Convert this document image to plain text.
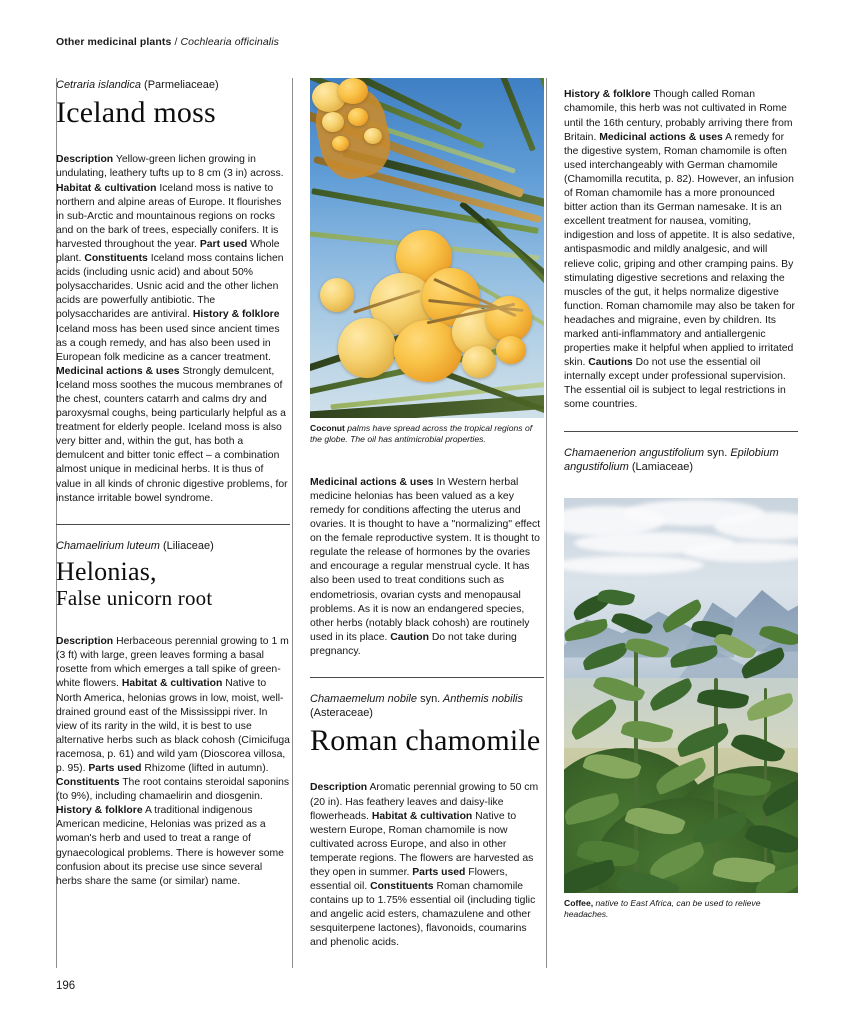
Other medicinal plants / Cochlearia officinalis
Cetraria islandica (Parmeliaceae)
Iceland moss

Description Yellow-green lichen growing in undulating, leathery tufts up to 8 cm (3 in) across. Habitat & cultivation Iceland moss is native to northern and alpine areas of Europe. It flourishes in sub-Arctic and mountainous regions on rocks and on the bark of trees, especially conifers. It is harvested throughout the year. Part used Whole plant. Constituents Iceland moss contains lichen acids (including usnic acid) and about 50% polysaccharides. Usnic acid and the other lichen acids are powerfully antibiotic. The polysaccharides are antiviral. History & folklore Iceland moss has been used since ancient times as a cough remedy, and has also been used in European folk medicine as a cancer treatment. Medicinal actions & uses Strongly demulcent, Iceland moss soothes the mucous membranes of the chest, counters catarrh and calms dry and paroxysmal coughs, being particularly helpful as a treatment for elderly people. Iceland moss is also very bitter and, within the gut, has both a demulcent and bitter tonic effect – a combination almost unique in medicinal herbs. It is thus of value in all kinds of chronic digestive problems, for instance irritable bowel syndrome.

Chamaelirium luteum (Liliaceae)
Helonias,
False unicorn root

Description Herbaceous perennial growing to 1 m (3 ft) with large, green leaves forming a basal rosette from which emerges a tall spike of green-white flowers. Habitat & cultivation Native to North America, helonias grows in low, moist, well-drained ground east of the Mississippi river. In view of its rarity in the wild, it is best to use alternative herbs such as black cohosh (Cimicifuga racemosa, p. 61) and wild yam (Dioscorea villosa, p. 95). Parts used Rhizome (lifted in autumn). Constituents The root contains steroidal saponins (to 9%), including chamaelirin and diosgenin. History & folklore A traditional indigenous American medicine, Helonias was prized as a woman's herb and used to treat a range of gynaecological problems. There is however some confusion about its precise use since several herbs share the same (or similar) name.

Coconut palms have spread across the tropical regions of the globe. The oil has antimicrobial properties.

Medicinal actions & uses In Western herbal medicine helonias has been valued as a key remedy for conditions affecting the uterus and ovaries. It is thought to have a "normalizing" effect on the female reproductive system. It is thought to regulate the release of hormones by the ovaries and encourage a regular menstrual cycle. It has also been used to treat conditions such as endometriosis, ovarian cysts and menopausal problems. As it is now an endangered species, other herbs (notably black cohosh) are routinely used in its place. Caution Do not take during pregnancy.

Chamaemelum nobile syn. Anthemis nobilis (Asteraceae)
Roman chamomile

Description Aromatic perennial growing to 50 cm (20 in). Has feathery leaves and daisy-like flowerheads. Habitat & cultivation Native to western Europe, Roman chamomile is now cultivated across Europe, and also in other temperate regions. The flowers are harvested as they open in summer. Parts used Flowers, essential oil. Constituents Roman chamomile contains up to 1.75% essential oil (including tiglic and angelic acid esters, chamazulene and other sesquiterpene lactones), flavonoids, coumarins and phenolic acids.

History & folklore Though called Roman chamomile, this herb was not cultivated in Rome until the 16th century, probably arriving there from Britain. Medicinal actions & uses A remedy for the digestive system, Roman chamomile is often used interchangeably with German chamomile (Chamomilla recutita, p. 82). However, an infusion of Roman chamomile has a more pronounced bitter action than its German namesake. It is an excellent treatment for nausea, vomiting, indigestion and loss of appetite. It is also sedative, antispasmodic and mildly analgesic, and will relieve colic, griping and other cramping pains. By stimulating digestive secretions and relaxing the muscles of the gut, it helps normalize digestive function. Roman chamomile may also be taken for headaches and migraine, even by children. Its marked anti-inflammatory and antiallergenic properties make it helpful when applied to irritated skin. Cautions Do not use the essential oil internally except under professional supervision. The essential oil is subject to legal restrictions in some countries.

Chamaenerion angustifolium syn. Epilobium angustifolium (Lamiaceae)
Coffee, native to East Africa, can be used to relieve headaches.
196
